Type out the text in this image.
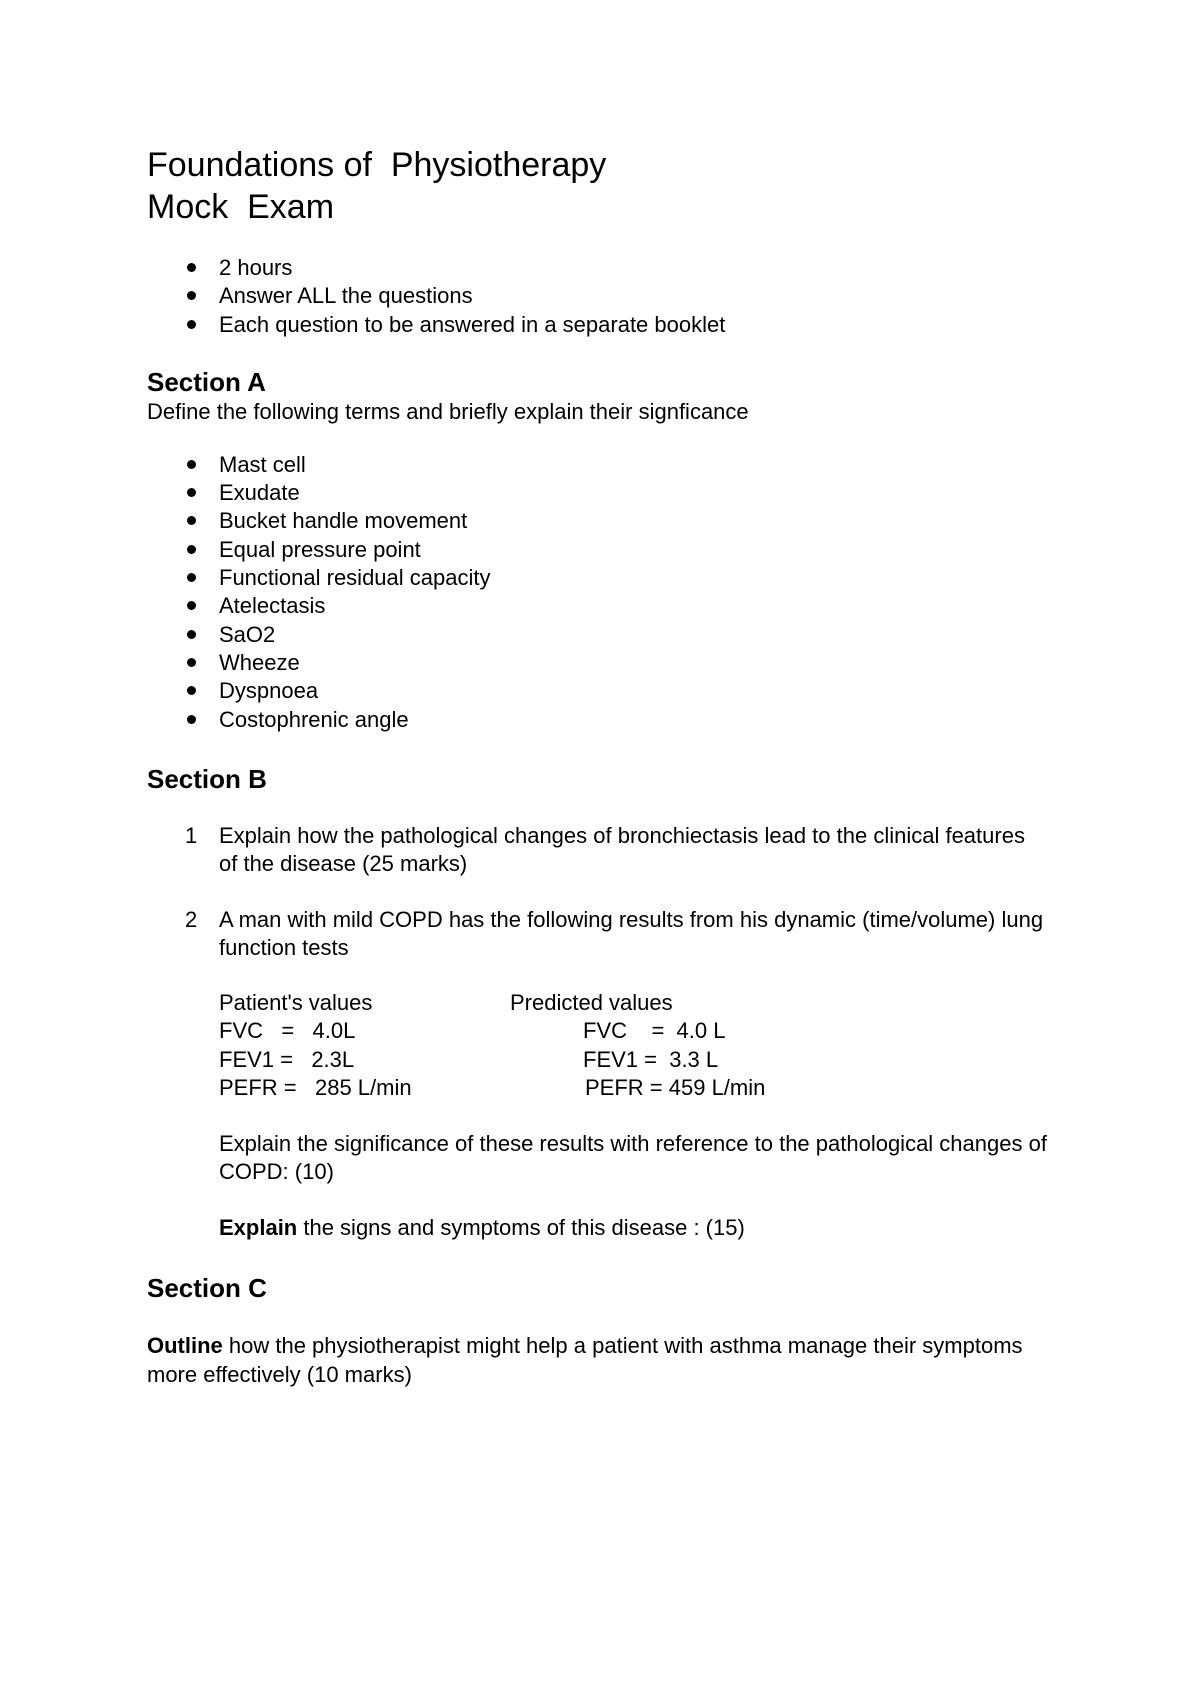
Foundations of  Physiotherapy
Mock  Exam
2 hours
Answer ALL the questions
Each question to be answered in a separate booklet
Section A

Define the following terms and briefly explain their signficance

Mast cell
Exudate
Bucket handle movement
Equal pressure point
Functional residual capacity
Atelectasis
SaO2
Wheeze
Dyspnoea
Costophrenic angle
Section B
1 Explain how the pathological changes of bronchiectasis lead to the clinical features of the disease (25 marks)
2 A man with mild COPD has the following results from his dynamic (time/volume) lung function tests
Patient's values	Predicted values
FVC   =   4.0L
FEV1 =   2.3L
PEFR =   285 L/min
FVC    =  4.0 L
FEV1 =  3.3 L
PEFR = 459 L/min

Explain the significance of these results with reference to the pathological changes of COPD: (10)

Explain the signs and symptoms of this disease : (15)

Section C

Outline how the physiotherapist might help a patient with asthma manage their symptoms more effectively (10 marks)
